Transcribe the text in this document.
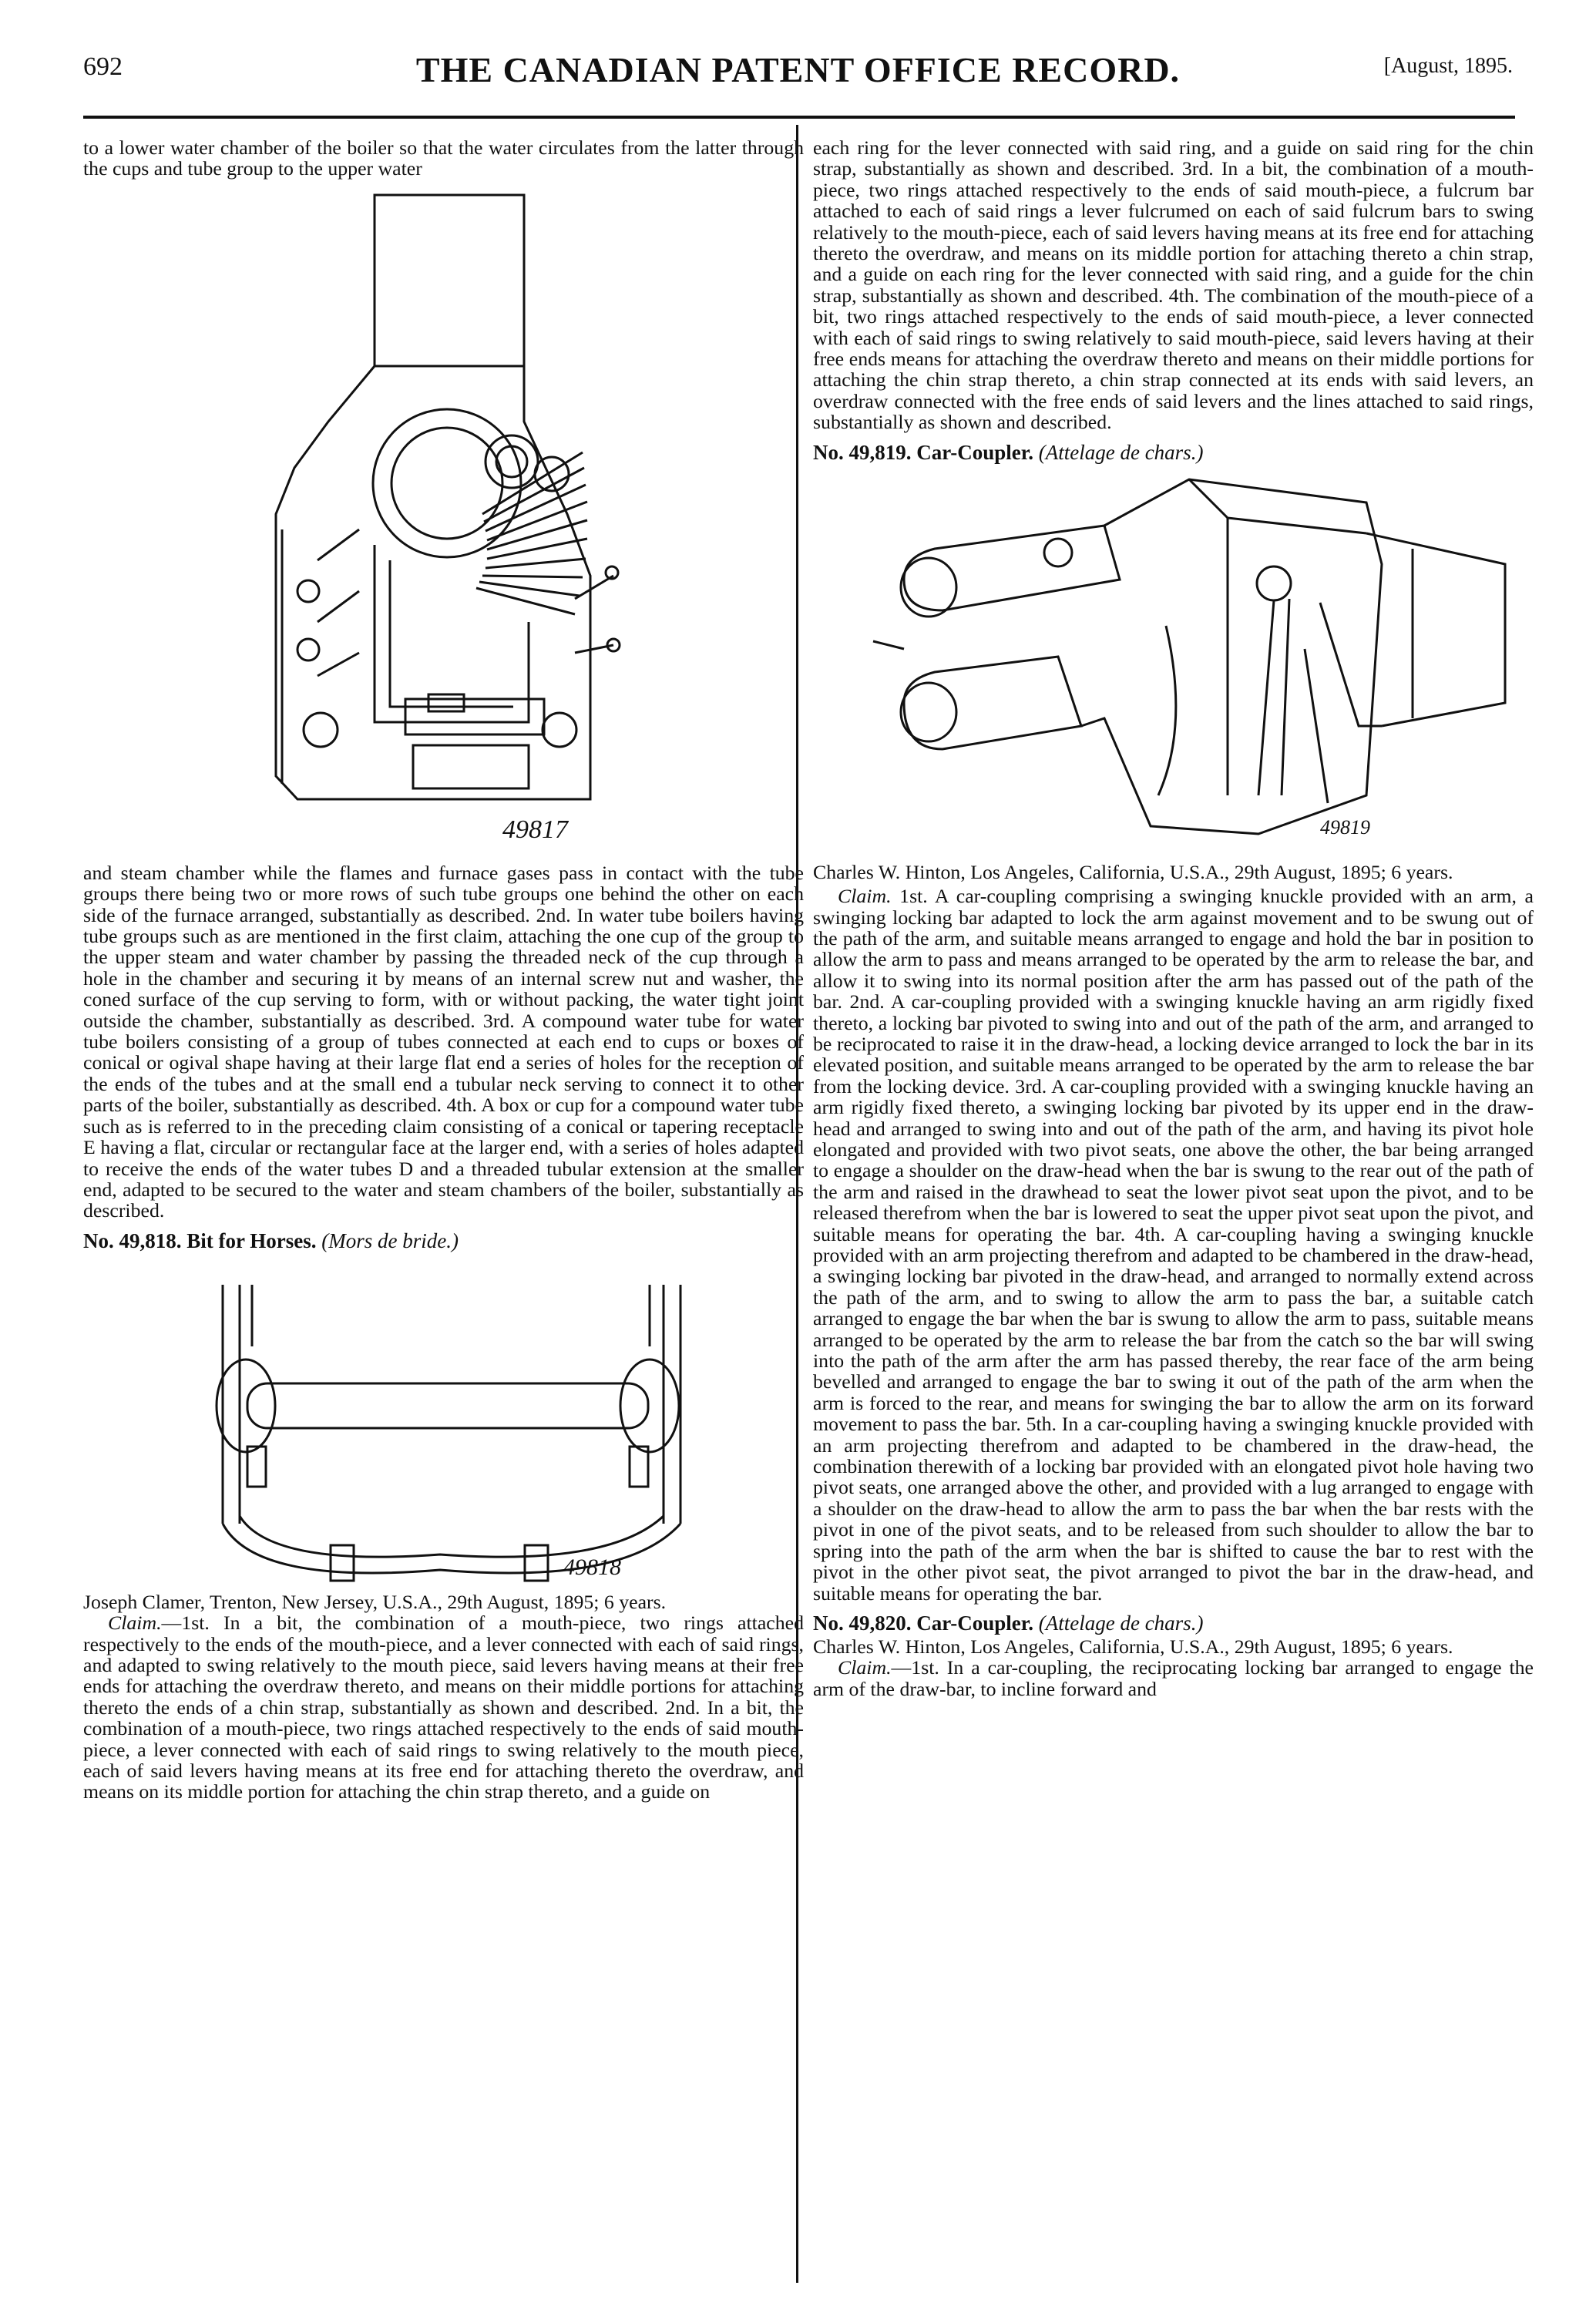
692	THE CANADIAN PATENT OFFICE RECORD.	[August, 1895.

to a lower water chamber of the boiler so that the water circulates from the latter through the cups and tube group to the upper water

49817

and steam chamber while the flames and furnace gases pass in contact with the tube groups there being two or more rows of such tube groups one behind the other on each side of the furnace arranged, substantially as described. 2nd. In water tube boilers having tube groups such as are mentioned in the first claim, attaching the one cup of the group to the upper steam and water chamber by passing the threaded neck of the cup through a hole in the chamber and securing it by means of an internal screw nut and washer, the coned surface of the cup serving to form, with or without packing, the water tight joint outside the chamber, substantially as described. 3rd. A compound water tube for water tube boilers consisting of a group of tubes connected at each end to cups or boxes of conical or ogival shape having at their large flat end a series of holes for the reception of the ends of the tubes and at the small end a tubular neck serving to connect it to other parts of the boiler, substantially as described. 4th. A box or cup for a compound water tube such as is referred to in the preceding claim consisting of a conical or tapering receptacle E having a flat, circular or rectangular face at the larger end, with a series of holes adapted to receive the ends of the water tubes D and a threaded tubular extension at the smaller end, adapted to be secured to the water and steam chambers of the boiler, substantially as described.

No. 49,818. Bit for Horses. (Mors de bride.)
49818

Joseph Clamer, Trenton, New Jersey, U.S.A., 29th August, 1895; 6 years.

Claim.—1st. In a bit, the combination of a mouth-piece, two rings attached respectively to the ends of the mouth-piece, and a lever connected with each of said rings, and adapted to swing relatively to the mouth piece, said levers having means at their free ends for attaching the overdraw thereto, and means on their middle portions for attaching thereto the ends of a chin strap, substantially as shown and described. 2nd. In a bit, the combination of a mouth-piece, two rings attached respectively to the ends of said mouth-piece, a lever connected with each of said rings to swing relatively to the mouth piece, each of said levers having means at its free end for attaching thereto the overdraw, and means on its middle portion for attaching the chin strap thereto, and a guide on

each ring for the lever connected with said ring, and a guide on said ring for the chin strap, substantially as shown and described. 3rd. In a bit, the combination of a mouth-piece, two rings attached respectively to the ends of said mouth-piece, a fulcrum bar attached to each of said rings a lever fulcrumed on each of said fulcrum bars to swing relatively to the mouth-piece, each of said levers having means at its free end for attaching thereto the overdraw, and means on its middle portion for attaching thereto a chin strap, and a guide on each ring for the lever connected with said ring, and a guide for the chin strap, substantially as shown and described. 4th. The combination of the mouth-piece of a bit, two rings attached respectively to the ends of said mouth-piece, a lever connected with each of said rings to swing relatively to said mouth-piece, said levers having at their free ends means for attaching the overdraw thereto and means on their middle portions for attaching the chin strap thereto, a chin strap connected at its ends with said levers, an overdraw connected with the free ends of said levers and the lines attached to said rings, substantially as shown and described.

No. 49,819. Car-Coupler. (Attelage de chars.)
49819

Charles W. Hinton, Los Angeles, California, U.S.A., 29th August, 1895; 6 years.

Claim. 1st. A car-coupling comprising a swinging knuckle provided with an arm, a swinging locking bar adapted to lock the arm against movement and to be swung out of the path of the arm, and suitable means arranged to engage and hold the bar in position to allow the arm to pass and means arranged to be operated by the arm to release the bar, and allow it to swing into its normal position after the arm has passed out of the path of the bar. 2nd. A car-coupling provided with a swinging knuckle having an arm rigidly fixed thereto, a locking bar pivoted to swing into and out of the path of the arm, and arranged to be reciprocated to raise it in the draw-head, a locking device arranged to lock the bar in its elevated position, and suitable means arranged to be operated by the arm to release the bar from the locking device. 3rd. A car-coupling provided with a swinging knuckle having an arm rigidly fixed thereto, a swinging locking bar pivoted by its upper end in the draw-head and arranged to swing into and out of the path of the arm, and having its pivot hole elongated and provided with two pivot seats, one above the other, the bar being arranged to engage a shoulder on the draw-head when the bar is swung to the rear out of the path of the arm and raised in the drawhead to seat the lower pivot seat upon the pivot, and to be released therefrom when the bar is lowered to seat the upper pivot seat upon the pivot, and suitable means for operating the bar. 4th. A car-coupling having a swinging knuckle provided with an arm projecting therefrom and adapted to be chambered in the draw-head, a swinging locking bar pivoted in the draw-head, and arranged to normally extend across the path of the arm, and to swing to allow the arm to pass the bar, a suitable catch arranged to engage the bar when the bar is swung to allow the arm to pass, suitable means arranged to be operated by the arm to release the bar from the catch so the bar will swing into the path of the arm after the arm has passed thereby, the rear face of the arm being bevelled and arranged to engage the bar to swing it out of the path of the arm when the arm is forced to the rear, and means for swinging the bar to allow the arm on its forward movement to pass the bar. 5th. In a car-coupling having a swinging knuckle provided with an arm projecting therefrom and adapted to be chambered in the draw-head, the combination therewith of a locking bar provided with an elongated pivot hole having two pivot seats, one arranged above the other, and provided with a lug arranged to engage with a shoulder on the draw-head to allow the arm to pass the bar when the bar rests with the pivot in one of the pivot seats, and to be released from such shoulder to allow the bar to spring into the path of the arm when the bar is shifted to cause the bar to rest with the pivot in the other pivot seat, the pivot arranged to pivot the bar in the draw-head, and suitable means for operating the bar.

No. 49,820. Car-Coupler. (Attelage de chars.)

Charles W. Hinton, Los Angeles, California, U.S.A., 29th August, 1895; 6 years.

Claim.—1st. In a car-coupling, the reciprocating locking bar arranged to engage the arm of the draw-bar, to incline forward and
